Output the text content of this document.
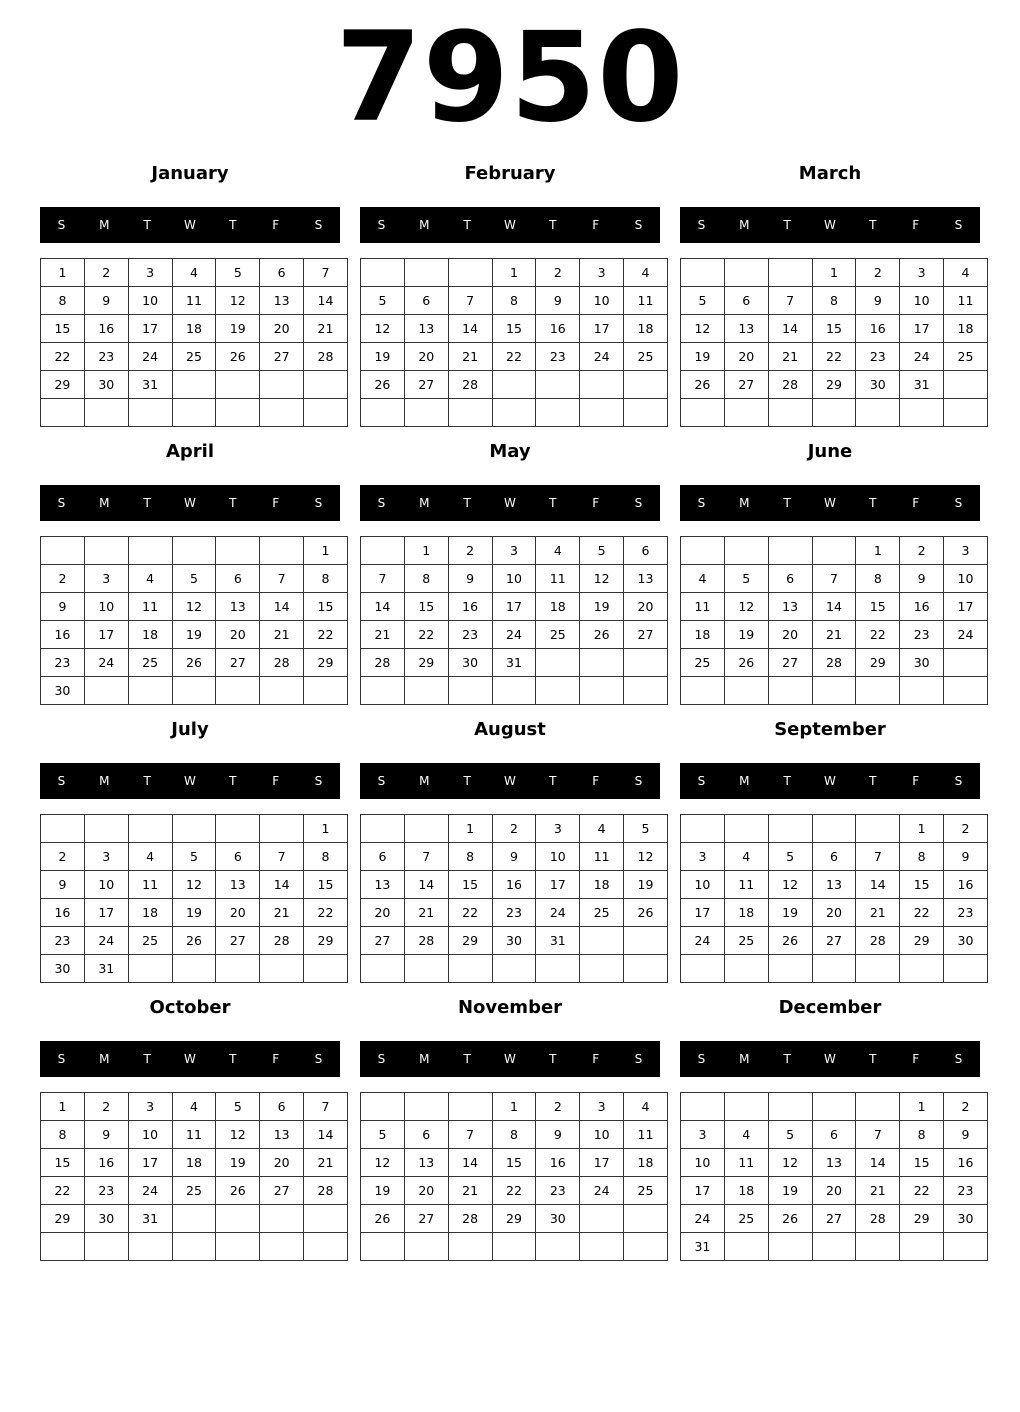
7950
January
S	M	T	W	T	F	S
1	2	3	4	5	6	7
8	9	10	11	12	13	14
15	16	17	18	19	20	21
22	23	24	25	26	27	28
29	30	31				

February
S	M	T	W	T	F	S
			1	2	3	4
5	6	7	8	9	10	11
12	13	14	15	16	17	18
19	20	21	22	23	24	25
26	27	28				

March
S	M	T	W	T	F	S
			1	2	3	4
5	6	7	8	9	10	11
12	13	14	15	16	17	18
19	20	21	22	23	24	25
26	27	28	29	30	31	

April
S	M	T	W	T	F	S
						1
2	3	4	5	6	7	8
9	10	11	12	13	14	15
16	17	18	19	20	21	22
23	24	25	26	27	28	29
30						
May
S	M	T	W	T	F	S
	1	2	3	4	5	6
7	8	9	10	11	12	13
14	15	16	17	18	19	20
21	22	23	24	25	26	27
28	29	30	31			

June
S	M	T	W	T	F	S
				1	2	3
4	5	6	7	8	9	10
11	12	13	14	15	16	17
18	19	20	21	22	23	24
25	26	27	28	29	30	

July
S	M	T	W	T	F	S
						1
2	3	4	5	6	7	8
9	10	11	12	13	14	15
16	17	18	19	20	21	22
23	24	25	26	27	28	29
30	31					
August
S	M	T	W	T	F	S
		1	2	3	4	5
6	7	8	9	10	11	12
13	14	15	16	17	18	19
20	21	22	23	24	25	26
27	28	29	30	31		

September
S	M	T	W	T	F	S
					1	2
3	4	5	6	7	8	9
10	11	12	13	14	15	16
17	18	19	20	21	22	23
24	25	26	27	28	29	30

October
S	M	T	W	T	F	S
1	2	3	4	5	6	7
8	9	10	11	12	13	14
15	16	17	18	19	20	21
22	23	24	25	26	27	28
29	30	31				

November
S	M	T	W	T	F	S
			1	2	3	4
5	6	7	8	9	10	11
12	13	14	15	16	17	18
19	20	21	22	23	24	25
26	27	28	29	30		

December
S	M	T	W	T	F	S
					1	2
3	4	5	6	7	8	9
10	11	12	13	14	15	16
17	18	19	20	21	22	23
24	25	26	27	28	29	30
31						
